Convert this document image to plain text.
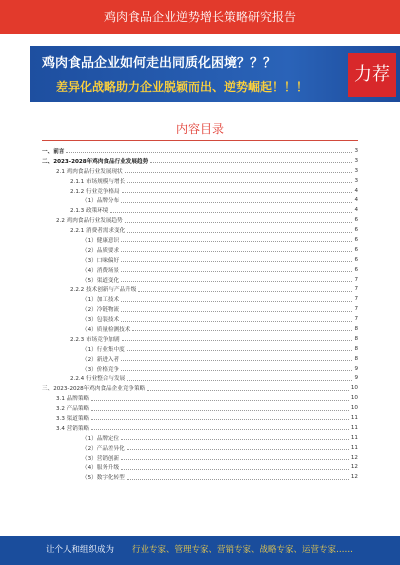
鸡肉食品企业逆势增长策略研究报告
鸡肉食品企业如何走出同质化困境？？？
差异化战略助力企业脱颖而出、逆势崛起！！！
力荐
内容目录
一、前言	3
二、2023-2028年鸡肉食品行业发展趋势	3
2.1 鸡肉食品行业发展现状	3
2.1.1 市场规模与增长	3
2.1.2 行业竞争格局	4
（1）品牌分布	4
2.1.3 政策环境	4
2.2 鸡肉食品行业发展趋势	6
2.2.1 消费者需求变化	6
（1）健康意识	6
（2）品质要求	6
（3）口味偏好	6
（4）消费场景	6
（5）渠道变化	7
2.2.2 技术创新与产品升级	7
（1）加工技术	7
（2）冷链物流	7
（3）包装技术	7
（4）质量检测技术	8
2.2.3 市场竞争加剧	8
（1）行业集中度	8
（2）新进入者	8
（3）价格竞争	9
2.2.4 行业整合与发展	9
三、2023-2028年鸡肉食品企业竞争策略	10
3.1 品牌策略	10
3.2 产品策略	10
3.3 渠道策略	11
3.4 营销策略	11
（1）品牌定位	11
（2）产品差异化	11
（3）营销创新	12
（4）服务升级	12
（5）数字化转型	12
让个人和组织成为 行业专家、管理专家、营销专家、战略专家、运营专家……
